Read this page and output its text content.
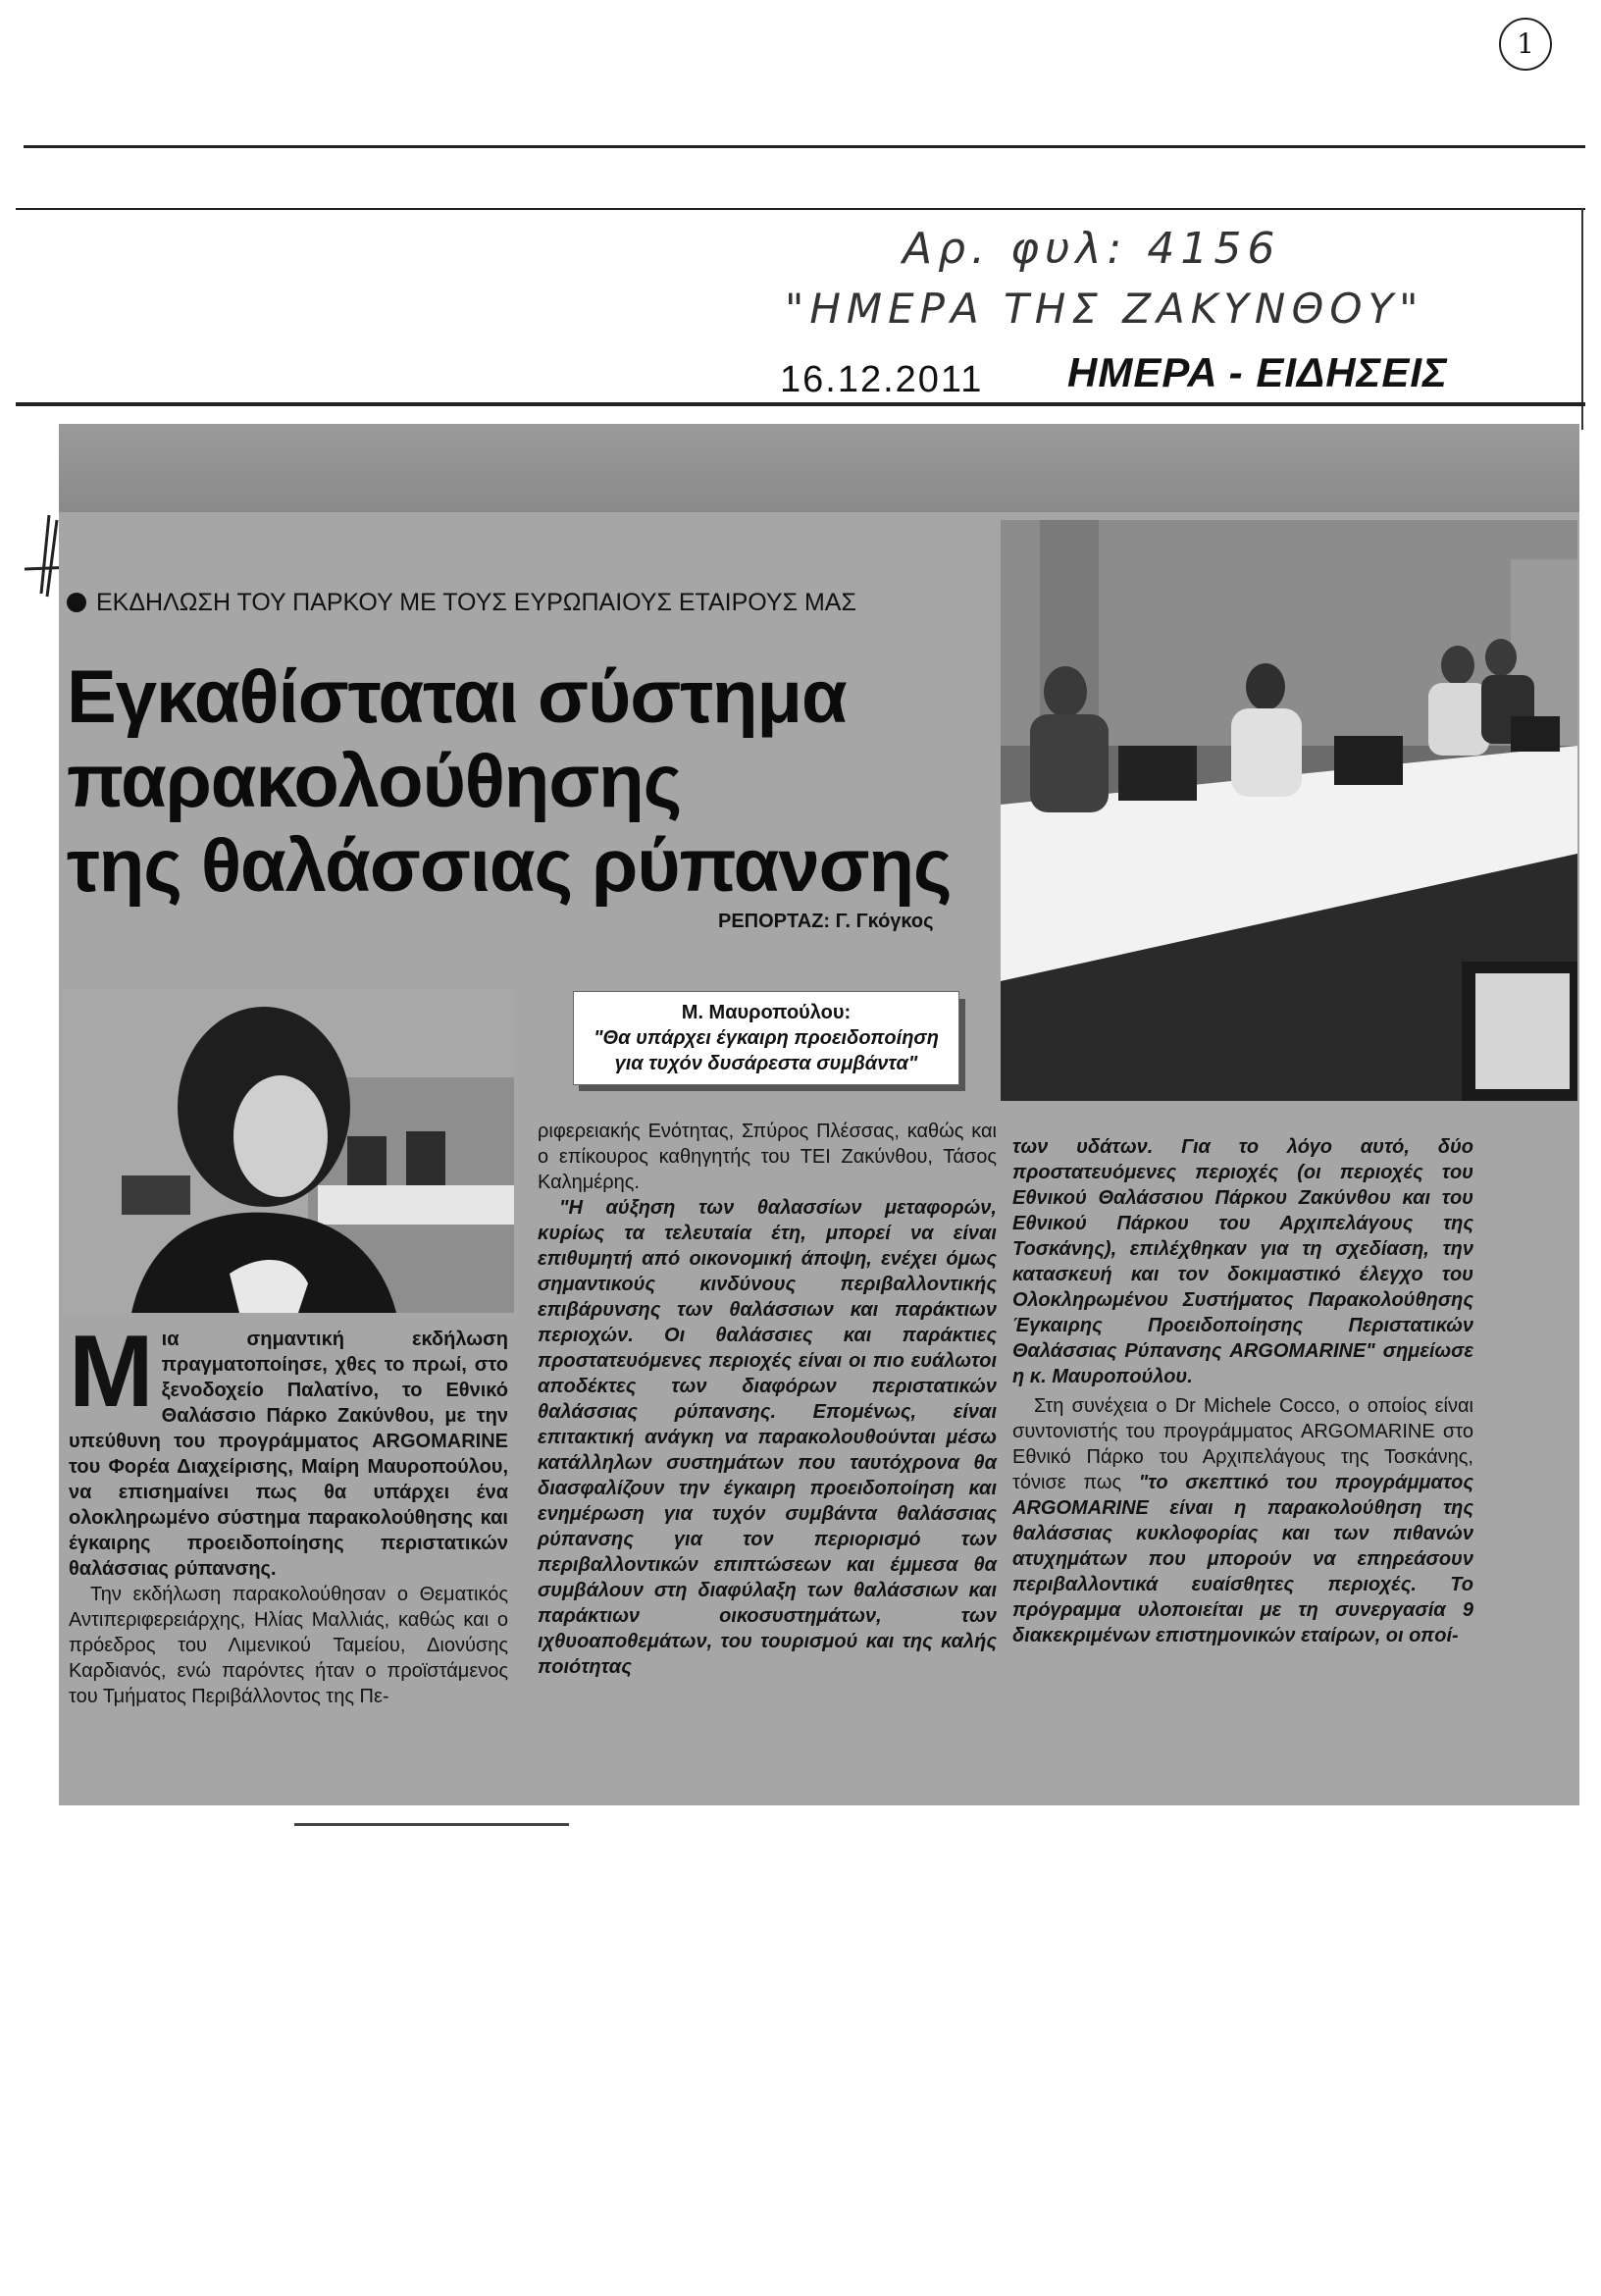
1
Αρ. φυλ: 4156
"ΗΜΕΡΑ ΤΗΣ ΖΑΚΥΝΘΟΥ"
16.12.2011 ΗΜΕΡΑ - ΕΙΔΗΣΕΙΣ
ΕΚΔΗΛΩΣΗ ΤΟΥ ΠΑΡΚΟΥ ΜΕ ΤΟΥΣ ΕΥΡΩΠΑΙΟΥΣ ΕΤΑΙΡΟΥΣ ΜΑΣ
Εγκαθίσταται σύστημα
παρακολούθησης
της θαλάσσιας ρύπανσης
ΡΕΠΟΡΤΑΖ: Γ. Γκόγκος
Μ. Μαυροπούλου:
"Θα υπάρχει έγκαιρη προειδοποίηση
για τυχόν δυσάρεστα συμβάντα"

Μια σημαντική εκδήλωση πραγματοποίησε, χθες το πρωί, στο ξενοδοχείο Παλατίνο, το Εθνικό Θαλάσσιο Πάρκο Ζακύνθου, με την υπεύθυνη του προγράμματος ARGOMARINE του Φορέα Διαχείρισης, Μαίρη Μαυροπούλου, να επισημαίνει πως θα υπάρχει ένα ολοκληρωμένο σύστημα παρακολούθησης και έγκαιρης προειδοποίησης περιστατικών θαλάσσιας ρύπανσης.

Την εκδήλωση παρακολούθησαν ο Θεματικός Αντιπεριφερειάρχης, Ηλίας Μαλλιάς, καθώς και ο πρόεδρος του Λιμενικού Ταμείου, Διονύσης Καρδιανός, ενώ παρόντες ήταν ο προϊστάμενος του Τμήματος Περιβάλλοντος της Πε-

ριφερειακής Ενότητας, Σπύρος Πλέσσας, καθώς και ο επίκουρος καθηγητής του ΤΕΙ Ζακύνθου, Τάσος Καλημέρης.

"Η αύξηση των θαλασσίων μεταφορών, κυρίως τα τελευταία έτη, μπορεί να είναι επιθυμητή από οικονομική άποψη, ενέχει όμως σημαντικούς κινδύνους περιβαλλοντικής επιβάρυνσης των θαλάσσιων και παράκτιων περιοχών. Οι θαλάσσιες και παράκτιες προστατευόμενες περιοχές είναι οι πιο ευάλωτοι αποδέκτες των διαφόρων περιστατικών θαλάσσιας ρύπανσης. Επομένως, είναι επιτακτική ανάγκη να παρακολουθούνται μέσω κατάλληλων συστημάτων που ταυτόχρονα θα διασφαλίζουν την έγκαιρη προειδοποίηση και ενημέρωση για τυχόν συμβάντα θαλάσσιας ρύπανσης για τον περιορισμό των περιβαλλοντικών επιπτώσεων και έμμεσα θα συμβάλουν στη διαφύλαξη των θαλάσσιων και παράκτιων οικοσυστημάτων, των ιχθυοαποθεμάτων, του τουρισμού και της καλής ποιότητας

των υδάτων. Για το λόγο αυτό, δύο προστατευόμενες περιοχές (οι περιοχές του Εθνικού Θαλάσσιου Πάρκου Ζακύνθου και του Εθνικού Πάρκου του Αρχιπελάγους της Τοσκάνης), επιλέχθηκαν για τη σχεδίαση, την κατασκευή και τον δοκιμαστικό έλεγχο του Ολοκληρωμένου Συστήματος Παρακολούθησης Έγκαιρης Προειδοποίησης Περιστατικών Θαλάσσιας Ρύπανσης ARGOMARINE" σημείωσε η κ. Μαυροπούλου.

Στη συνέχεια ο Dr Michele Cocco, ο οποίος είναι συντονιστής του προγράμματος ARGOMARINE στο Εθνικό Πάρκο του Αρχιπελάγους της Τοσκάνης, τόνισε πως "το σκεπτικό του προγράμματος ARGOMARINE είναι η παρακολούθηση της θαλάσσιας κυκλοφορίας και των πιθανών ατυχημάτων που μπορούν να επηρεάσουν περιβαλλοντικά ευαίσθητες περιοχές. Το πρόγραμμα υλοποιείται με τη συνεργασία 9 διακεκριμένων επιστημονικών εταίρων, οι οποί-
